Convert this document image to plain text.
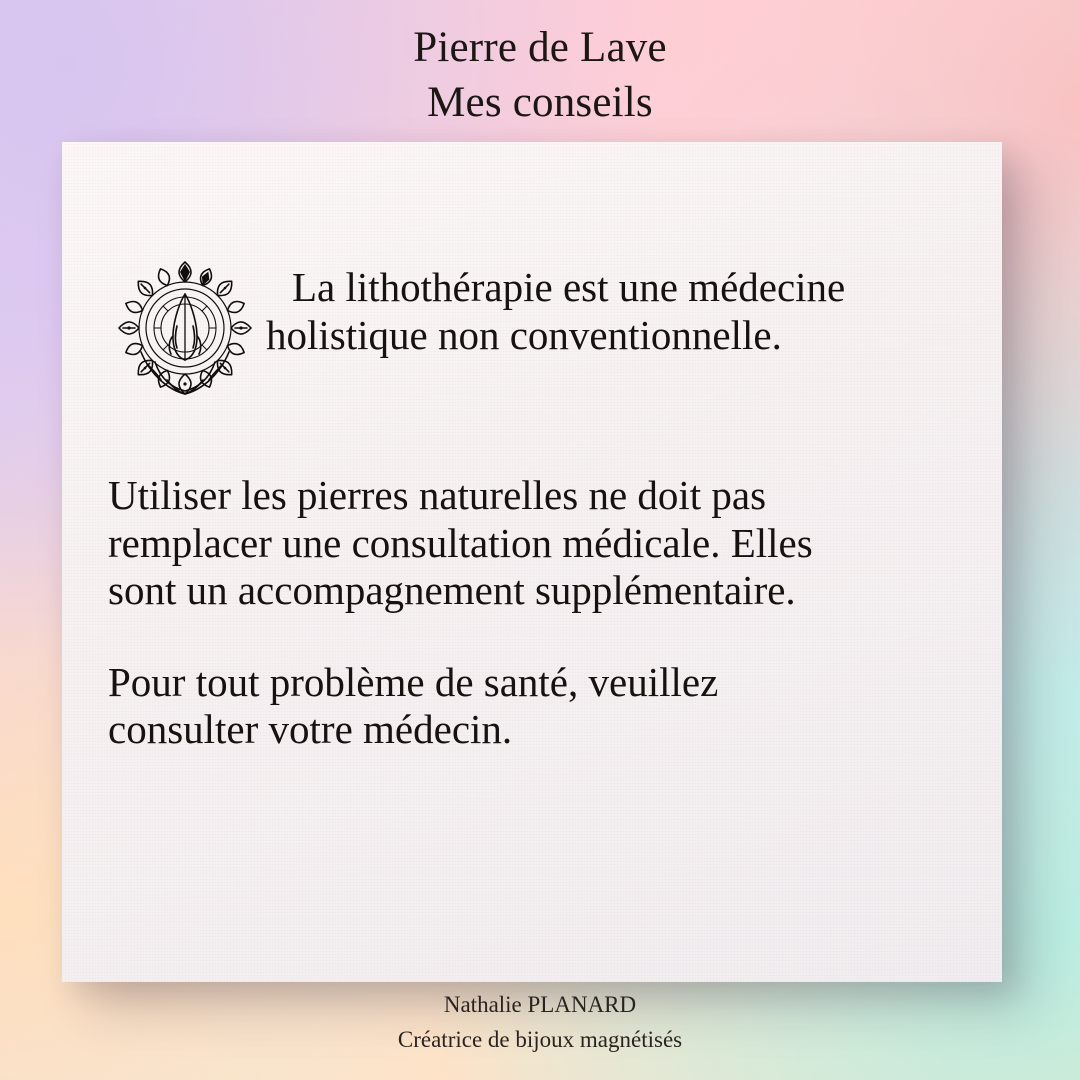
Pierre de Lave
Mes conseils
La lithothérapie est une médecine
holistique non conventionnelle.

Utiliser les pierres naturelles ne doit pas
remplacer une consultation médicale. Elles
sont un accompagnement supplémentaire.

Pour tout problème de santé, veuillez
consulter votre médecin.

Nathalie PLANARD
Créatrice de bijoux magnétisés
